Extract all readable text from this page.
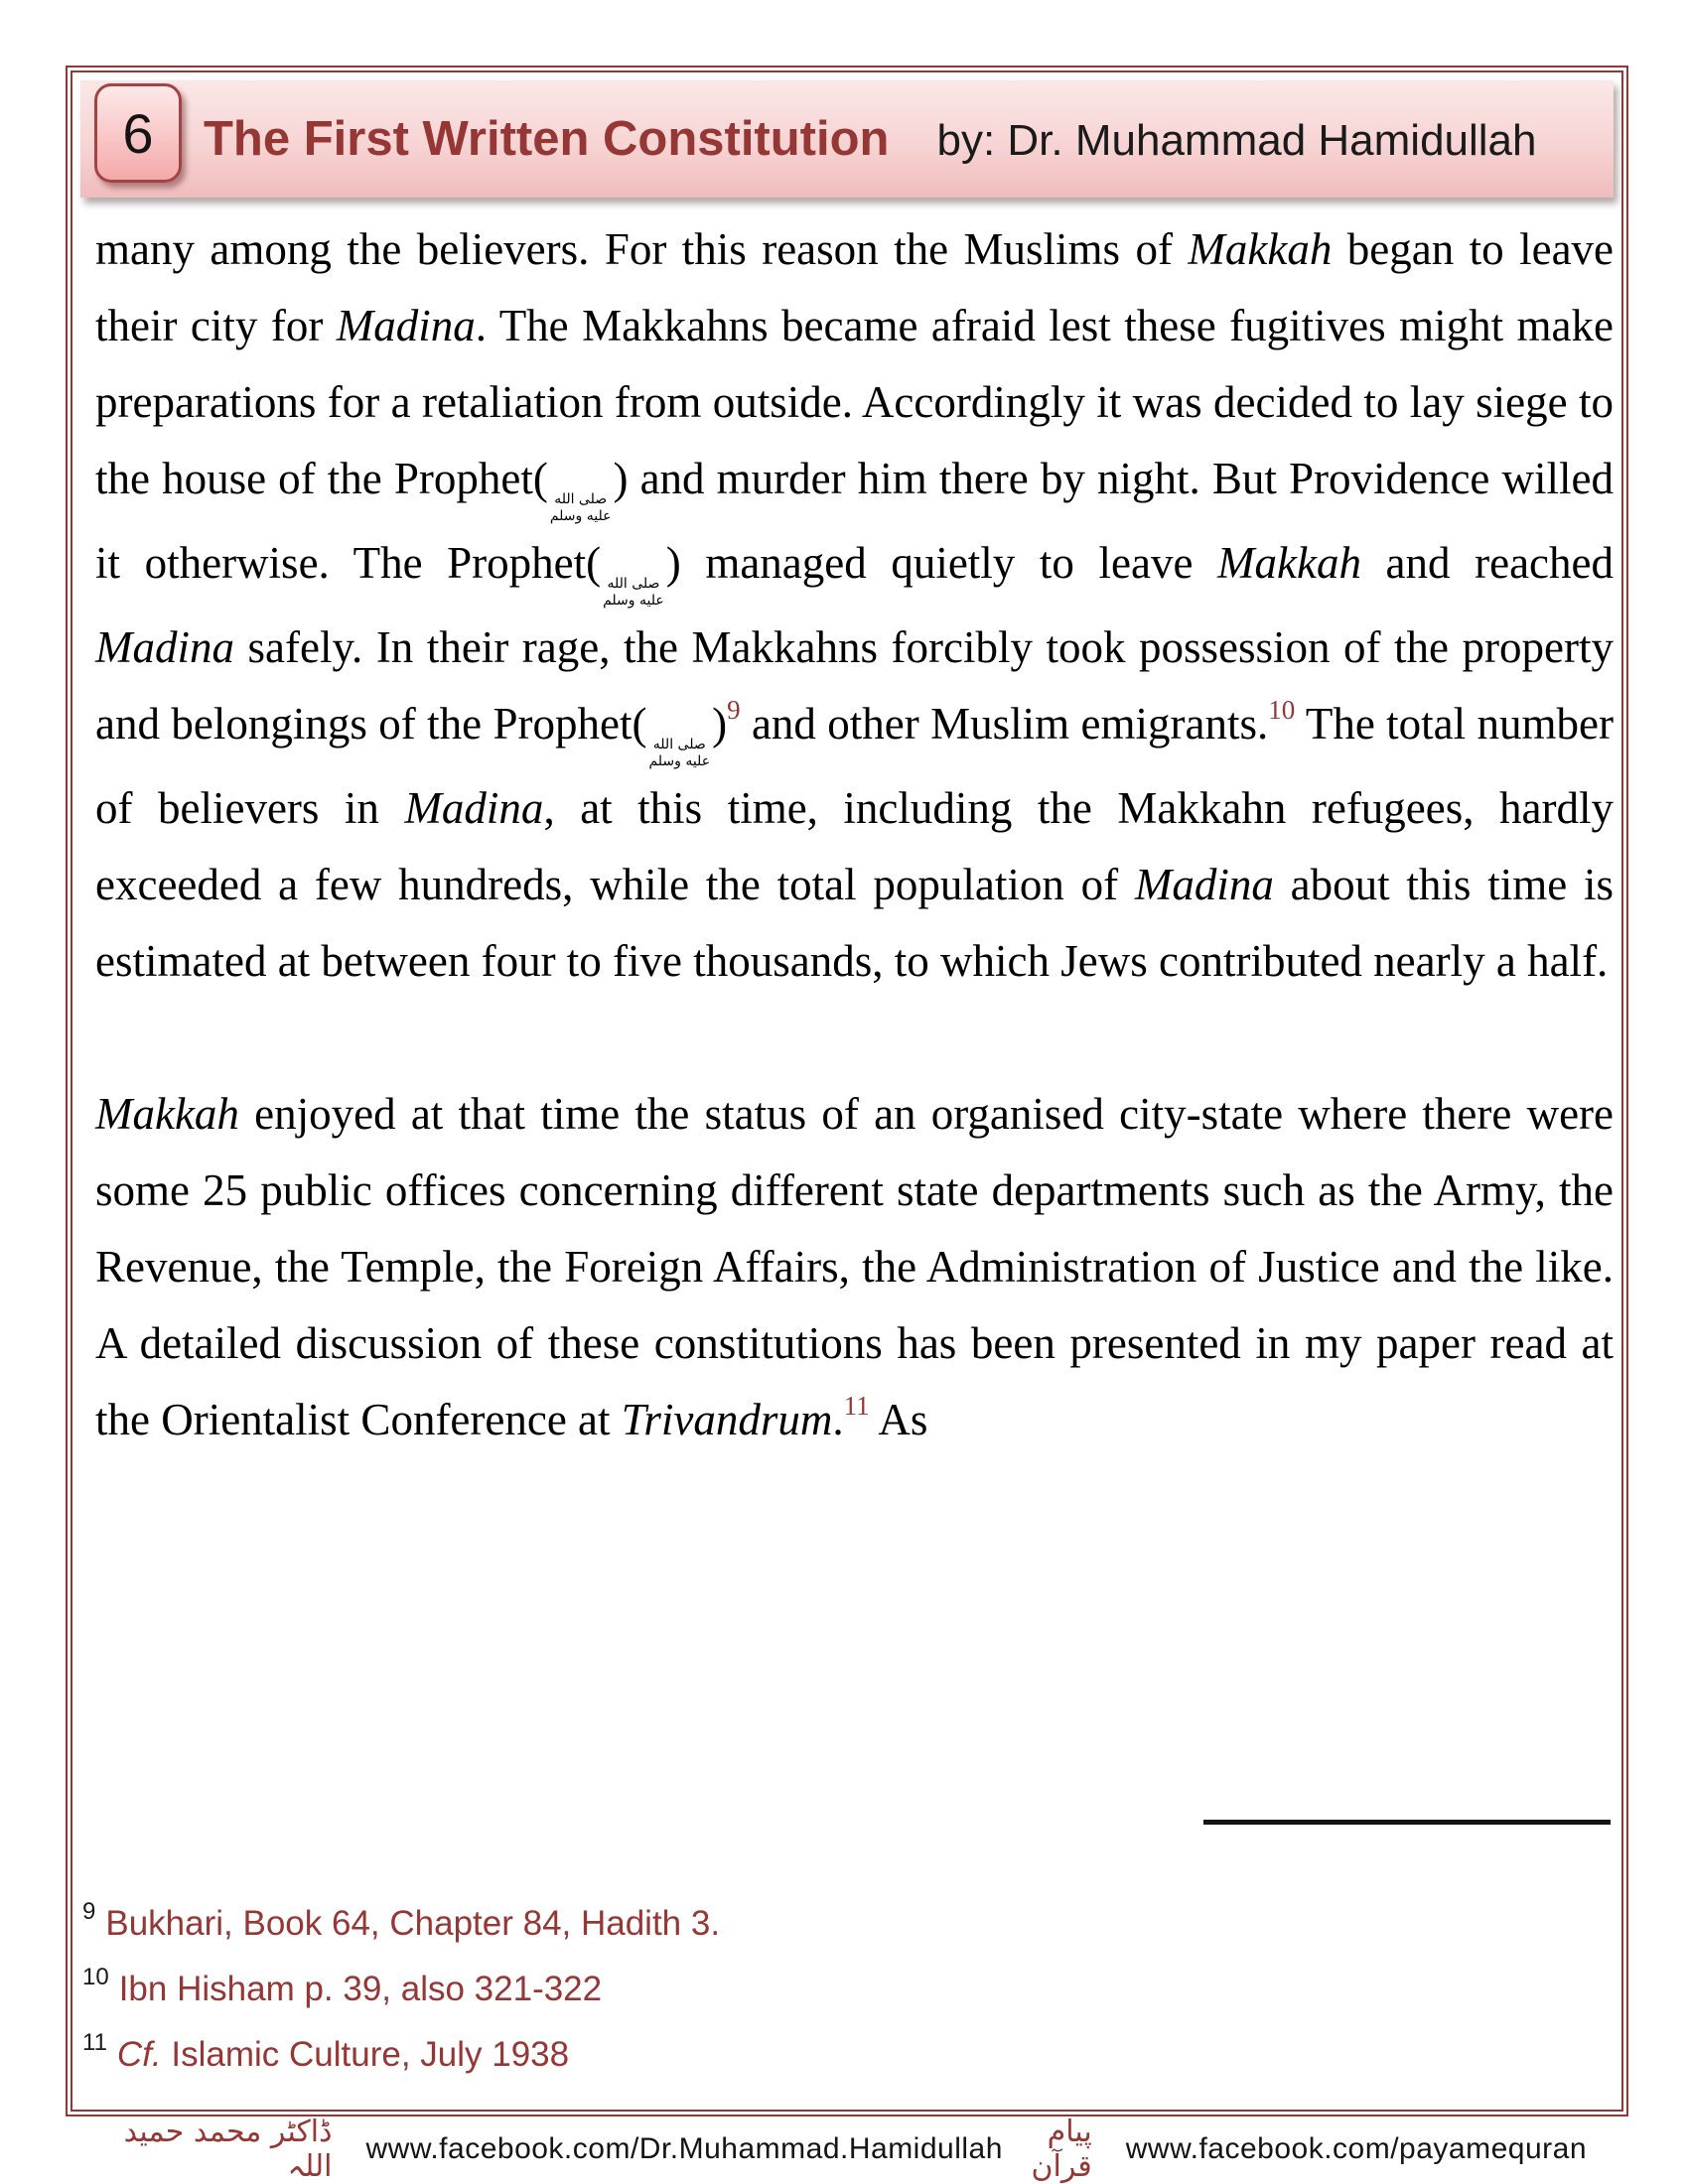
6 The First Written Constitution by: Dr. Muhammad Hamidullah

many among the believers. For this reason the Muslims of Makkah began to leave their city for Madina. The Makkahns became afraid lest these fugitives might make preparations for a retaliation from outside. Accordingly it was decided to lay siege to the house of the Prophet( صلى الله
عليه وسلم
) and murder him there by night. But Providence willed it otherwise. The Prophet( صلى الله
عليه وسلم
) managed quietly to leave Makkah and reached Madina safely. In their rage, the Makkahns forcibly took possession of the property and belongings of the Prophet( صلى الله
عليه وسلم
)$^9$ and other Muslim emigrants.$^{10}$ The total number of believers in Madina, at this time, including the Makkahn refugees, hardly exceeded a few hundreds, while the total population of Madina about this time is estimated at between four to five thousands, to which Jews contributed nearly a half.

Makkah enjoyed at that time the status of an organised city-state where there were some 25 public offices concerning different state departments such as the Army, the Revenue, the Temple, the Foreign Affairs, the Administration of Justice and the like. A detailed discussion of these constitutions has been presented in my paper read at the Orientalist Conference at Trivandrum.$^{11}$ As

$^9$ Bukhari, Book 64, Chapter 84, Hadith 3.
$^{10}$ Ibn Hisham p. 39, also 321-322
$^{11}$ Cf. Islamic Culture, July 1938
ڈاکٹر محمد حمید اللہ
www.facebook.com/Dr.Muhammad.Hamidullah	پیام قرآن
www.facebook.com/payamequran
